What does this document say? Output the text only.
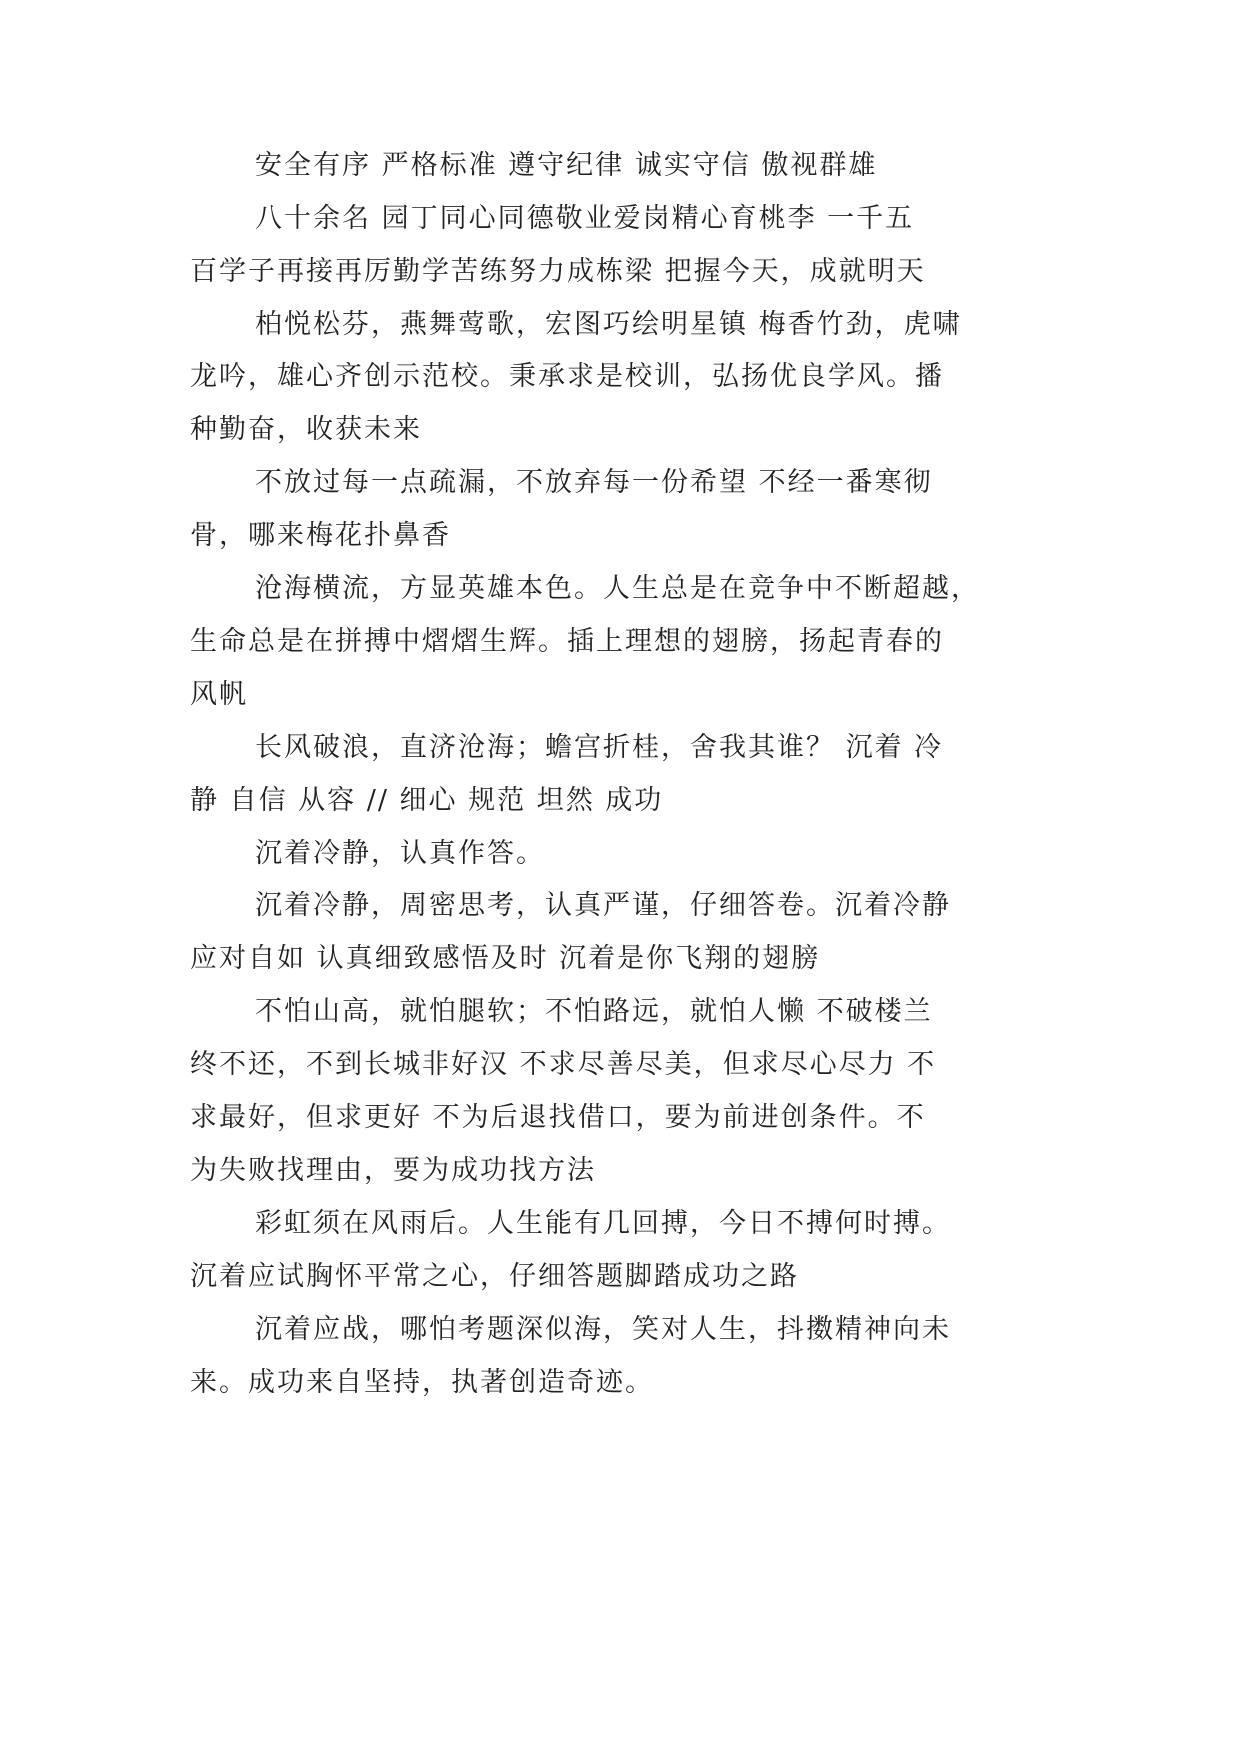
安全有序 严格标准 遵守纪律 诚实守信 傲视群雄
八十余名 园丁同心同德敬业爱岗精心育桃李 一千五
百学子再接再厉勤学苦练努力成栋梁 把握今天，成就明天
柏悦松芬，燕舞莺歌，宏图巧绘明星镇 梅香竹劲，虎啸
龙吟，雄心齐创示范校。秉承求是校训，弘扬优良学风。播
种勤奋，收获未来
不放过每一点疏漏，不放弃每一份希望 不经一番寒彻
骨，哪来梅花扑鼻香
沧海横流，方显英雄本色。人生总是在竞争中不断超越，
生命总是在拼搏中熠熠生辉。插上理想的翅膀，扬起青春的
风帆
长风破浪，直济沧海；蟾宫折桂，舍我其谁？ 沉着 冷
静 自信 从容 // 细心 规范 坦然 成功
沉着冷静，认真作答。
沉着冷静，周密思考，认真严谨，仔细答卷。沉着冷静
应对自如 认真细致感悟及时 沉着是你飞翔的翅膀
不怕山高，就怕腿软；不怕路远，就怕人懒 不破楼兰
终不还，不到长城非好汉 不求尽善尽美，但求尽心尽力 不
求最好，但求更好 不为后退找借口，要为前进创条件。不
为失败找理由，要为成功找方法
彩虹须在风雨后。人生能有几回搏，今日不搏何时搏。
沉着应试胸怀平常之心，仔细答题脚踏成功之路
沉着应战，哪怕考题深似海，笑对人生，抖擞精神向未
来。成功来自坚持，执著创造奇迹。
